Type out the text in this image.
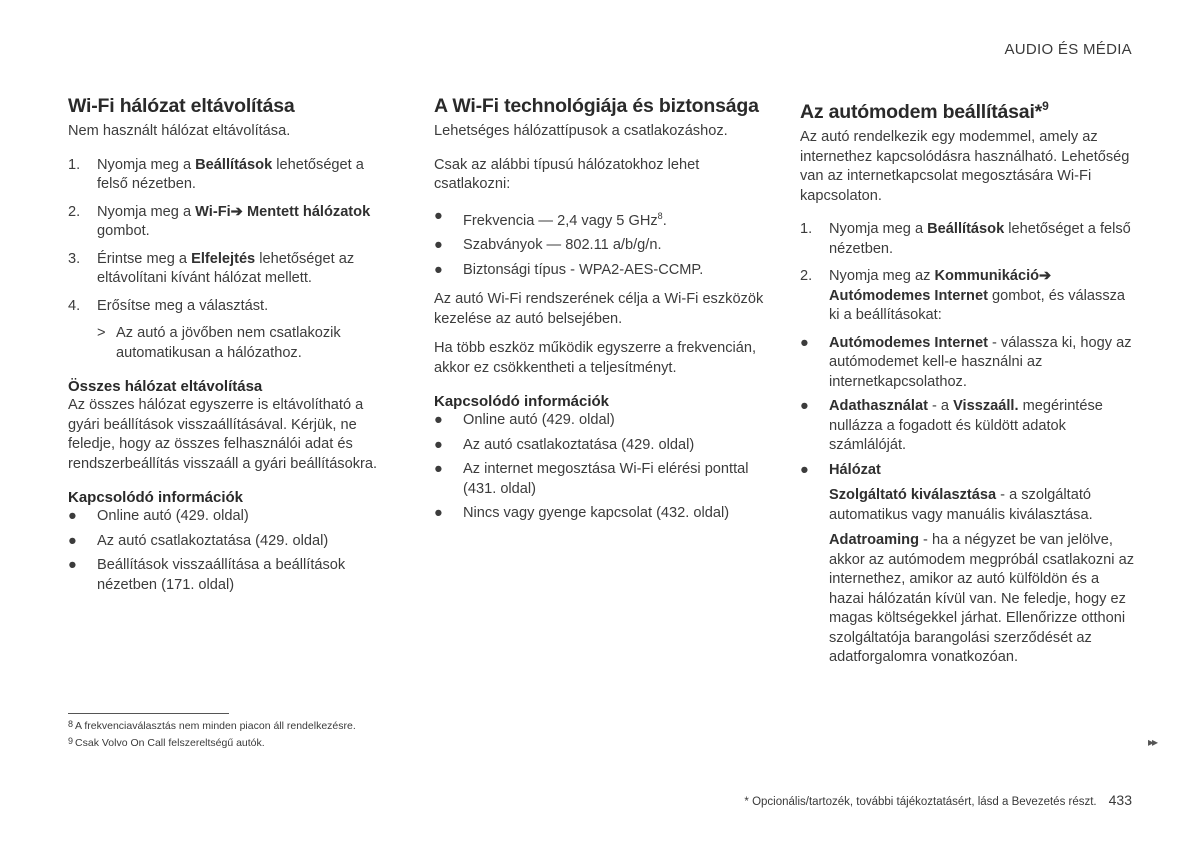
AUDIO ÉS MÉDIA
Wi-Fi hálózat eltávolítása

Nem használt hálózat eltávolítása.

1. Nyomja meg a Beállítások lehetőséget a felső nézetben.
2. Nyomja meg a Wi-Fi➔ Mentett hálózatok gombot.
3. Érintse meg a Elfelejtés lehetőséget az eltávolítani kívánt hálózat mellett.
4. Erősítse meg a választást.
> Az autó a jövőben nem csatlakozik automatikusan a hálózathoz.
Összes hálózat eltávolítása

Az összes hálózat egyszerre is eltávolítható a gyári beállítások visszaállításával. Kérjük, ne feledje, hogy az összes felhasználói adat és rendszerbeállítás visszaáll a gyári beállításokra.

Kapcsolódó információk
● Online autó (429. oldal)
● Az autó csatlakoztatása (429. oldal)
● Beállítások visszaállítása a beállítások nézetben (171. oldal)
A Wi-Fi technológiája és biztonsága

Lehetséges hálózattípusok a csatlakozáshoz.

Csak az alábbi típusú hálózatokhoz lehet csatlakozni:

● Frekvencia — 2,4 vagy 5 GHz$^8$.
● Szabványok — 802.11 a/b/g/n.
● Biztonsági típus - WPA2-AES-CCMP.

Az autó Wi-Fi rendszerének célja a Wi-Fi eszközök kezelése az autó belsejében.

Ha több eszköz működik egyszerre a frekvencián, akkor ez csökkentheti a teljesítményt.

Kapcsolódó információk
● Online autó (429. oldal)
● Az autó csatlakoztatása (429. oldal)
● Az internet megosztása Wi-Fi elérési ponttal (431. oldal)
● Nincs vagy gyenge kapcsolat (432. oldal)
Az autómodem beállításai*$^9$

Az autó rendelkezik egy modemmel, amely az internethez kapcsolódásra használható. Lehetőség van az internetkapcsolat megosztására Wi-Fi kapcsolaton.

1. Nyomja meg a Beállítások lehetőséget a felső nézetben.
2. Nyomja meg az Kommunikáció➔ Autómodemes Internet gombot, és válassza ki a beállításokat:
● Autómodemes Internet - válassza ki, hogy az autómodemet kell-e használni az internetkapcsolathoz.
● Adathasználat - a Visszaáll. megérintése nullázza a fogadott és küldött adatok számlálóját.
● Hálózat
Szolgáltató kiválasztása - a szolgáltató automatikus vagy manuális kiválasztása.
Adatroaming - ha a négyzet be van jelölve, akkor az autómodem megpróbál csatlakozni az internethez, amikor az autó külföldön és a hazai hálózatán kívül van. Ne feledje, hogy ez magas költségekkel járhat. Ellenőrizze otthoni szolgáltatója barangolási szerződését az adatforgalomra vonatkozóan.
8 A frekvenciaválasztás nem minden piacon áll rendelkezésre.
9 Csak Volvo On Call felszereltségű autók.	▸▸
* Opcionális/tartozék, további tájékoztatásért, lásd a Bevezetés részt. 433
